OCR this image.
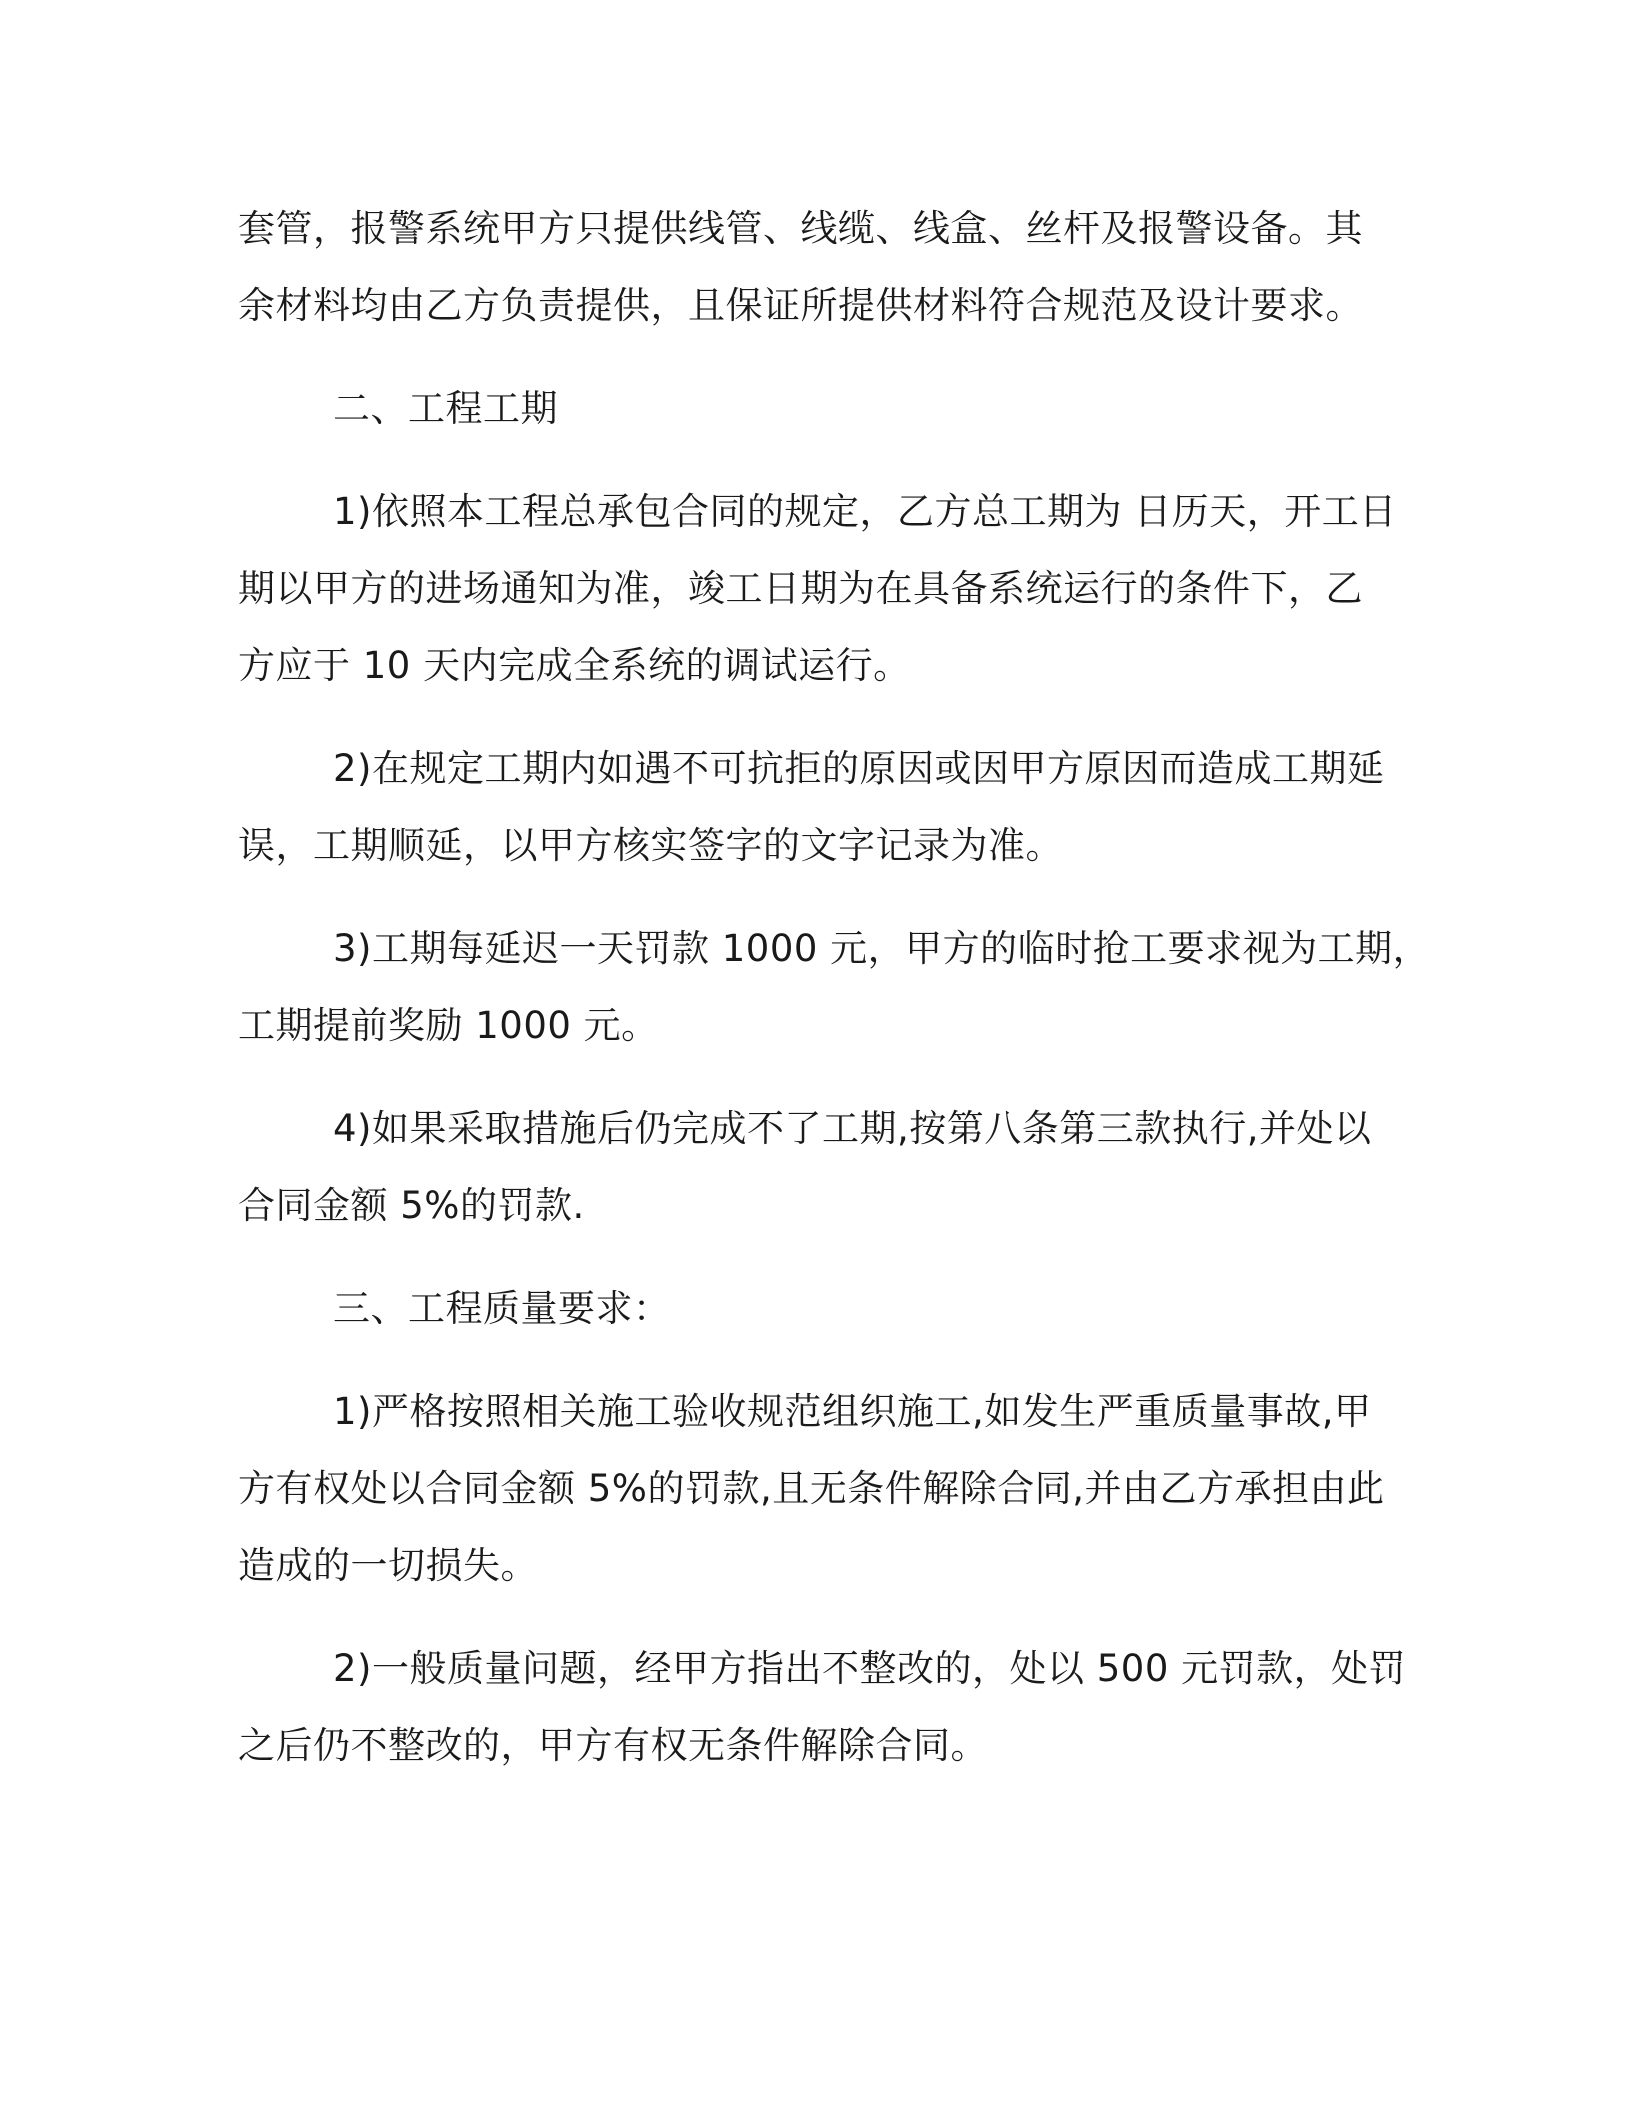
套管，报警系统甲方只提供线管、线缆、线盒、丝杆及报警设备。其
余材料均由乙方负责提供，且保证所提供材料符合规范及设计要求。

二、工程工期

1)依照本工程总承包合同的规定，乙方总工期为 日历天，开工日
期以甲方的进场通知为准，竣工日期为在具备系统运行的条件下，乙
方应于 10 天内完成全系统的调试运行。

2)在规定工期内如遇不可抗拒的原因或因甲方原因而造成工期延
误，工期顺延，以甲方核实签字的文字记录为准。

3)工期每延迟一天罚款 1000 元，甲方的临时抢工要求视为工期，
工期提前奖励 1000 元。

4)如果采取措施后仍完成不了工期,按第八条第三款执行,并处以
合同金额 5%的罚款.

三、工程质量要求：

1)严格按照相关施工验收规范组织施工,如发生严重质量事故,甲
方有权处以合同金额 5%的罚款,且无条件解除合同,并由乙方承担由此
造成的一切损失。

2)一般质量问题，经甲方指出不整改的，处以 500 元罚款，处罚
之后仍不整改的，甲方有权无条件解除合同。
